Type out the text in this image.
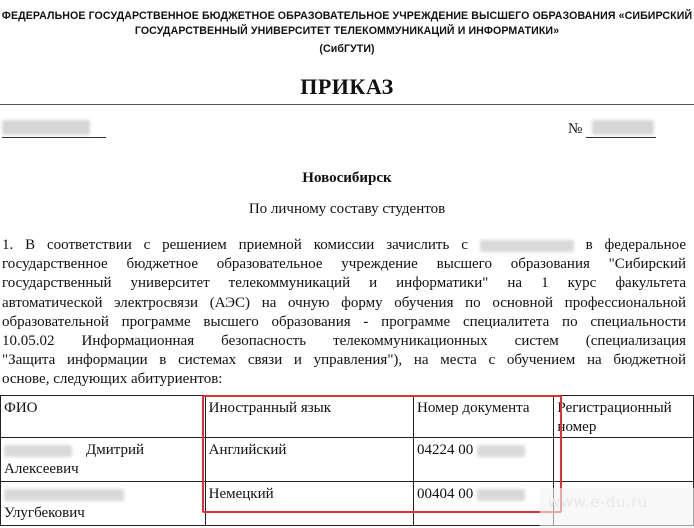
ФЕДЕРАЛЬНОЕ ГОСУДАРСТВЕННОЕ БЮДЖЕТНОЕ ОБРАЗОВАТЕЛЬНОЕ УЧРЕЖДЕНИЕ ВЫСШЕГО ОБРАЗОВАНИЯ «СИБИРСКИЙ
ГОСУДАРСТВЕННЫЙ УНИВЕРСИТЕТ ТЕЛЕКОММУНИКАЦИЙ И ИНФОРМАТИКИ»
(СибГУТИ)
ПРИКАЗ
№
Новосибирск
По личному составу студентов
1. В соответствии с решением приемной комиссии зачислить с	в федеральное
государственное бюджетное образовательное учреждение высшего образования "Сибирский
государственный университет телекоммуникаций и информатики" на 1 курс факультета
автоматической электросвязи (АЭС) на очную форму обучения по основной профессиональной
образовательной программе высшего образования - программе специалитета по специальности
10.05.02 Информационная безопасность телекоммуникационных систем (специализация
"Защита информации в системах связи и управления"), на места с обучением на бюджетной
основе, следующих абитуриентов:
ФИО	Иностранный язык	Номер документа	Регистрационный номер

Дмитрий
Алексеевич	Английский	04224 00	

Улугбекович	Немецкий	00404 00		www.e-du.ru
